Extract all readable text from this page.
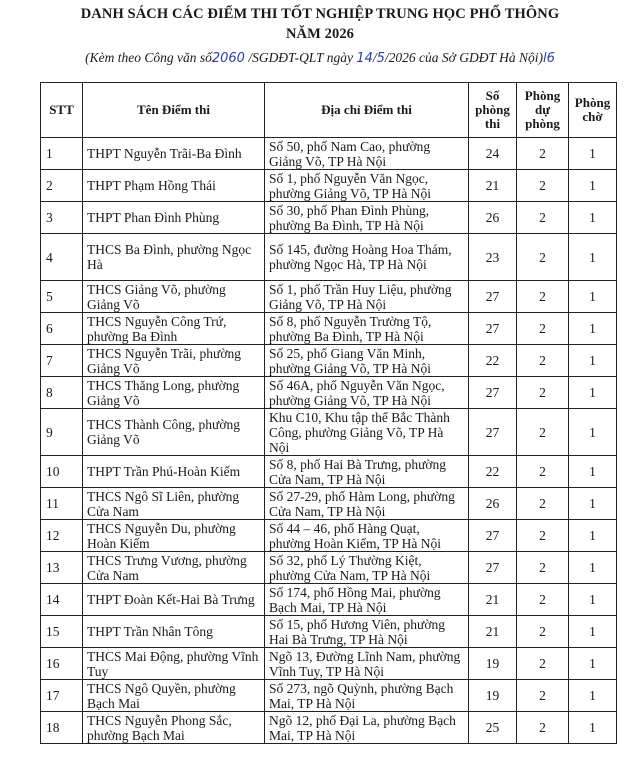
DANH SÁCH CÁC ĐIỂM THI TỐT NGHIỆP TRUNG HỌC PHỔ THÔNG
NĂM 2026
(Kèm theo Công văn số2060 /SGDĐT-QLT ngày 14/5/2026 của Sở GDĐT Hà Nội)l6
STT	Tên Điểm thi	Địa chỉ Điểm thi	Số phòng thi	Phòng dự phòng	Phòng chờ
1	THPT Nguyễn Trãi-Ba Đình	Số 50, phố Nam Cao, phường Giảng Võ, TP Hà Nội	24	2	1
2	THPT Phạm Hồng Thái	Số 1, phố Nguyễn Văn Ngọc, phường Giảng Võ, TP Hà Nội	21	2	1
3	THPT Phan Đình Phùng	Số 30, phố Phan Đình Phùng, phường Ba Đình, TP Hà Nội	26	2	1
4	THCS Ba Đình, phường Ngọc Hà	Số 145, đường Hoàng Hoa Thám, phường Ngọc Hà, TP Hà Nội	23	2	1
5	THCS Giảng Võ, phường Giảng Võ	Số 1, phố Trần Huy Liệu, phường Giảng Võ, TP Hà Nội	27	2	1
6	THCS Nguyễn Công Trứ, phường Ba Đình	Số 8, phố Nguyễn Trường Tộ, phường Ba Đình, TP Hà Nội	27	2	1
7	THCS Nguyễn Trãi, phường Giảng Võ	Số 25, phố Giang Văn Minh, phường Giảng Võ, TP Hà Nội	22	2	1
8	THCS Thăng Long, phường Giảng Võ	Số 46A, phố Nguyễn Văn Ngọc, phường Giảng Võ, TP Hà Nội	27	2	1
9	THCS Thành Công, phường Giảng Võ	Khu C10, Khu tập thể Bắc Thành Công, phường Giảng Võ, TP Hà Nội	27	2	1
10	THPT Trần Phú-Hoàn Kiếm	Số 8, phố Hai Bà Trưng, phường Cửa Nam, TP Hà Nội	22	2	1
11	THCS Ngô Sĩ Liên, phường Cửa Nam	Số 27-29, phố Hàm Long, phường Cửa Nam, TP Hà Nội	26	2	1
12	THCS Nguyễn Du, phường Hoàn Kiếm	Số 44 – 46, phố Hàng Quạt, phường Hoàn Kiếm, TP Hà Nội	27	2	1
13	THCS Trưng Vương, phường Cửa Nam	Số 32, phố Lý Thường Kiệt, phường Cửa Nam, TP Hà Nội	27	2	1
14	THPT Đoàn Kết-Hai Bà Trưng	Số 174, phố Hồng Mai, phường Bạch Mai, TP Hà Nội	21	2	1
15	THPT Trần Nhân Tông	Số 15, phố Hương Viên, phường Hai Bà Trưng, TP Hà Nội	21	2	1
16	THCS Mai Động, phường Vĩnh Tuy	Ngõ 13, Đường Lĩnh Nam, phường Vĩnh Tuy, TP Hà Nội	19	2	1
17	THCS Ngô Quyền, phường Bạch Mai	Số 273, ngõ Quỳnh, phường Bạch Mai, TP Hà Nội	19	2	1
18	THCS Nguyễn Phong Sắc, phường Bạch Mai	Ngõ 12, phố Đại La, phường Bạch Mai, TP Hà Nội	25	2	1
